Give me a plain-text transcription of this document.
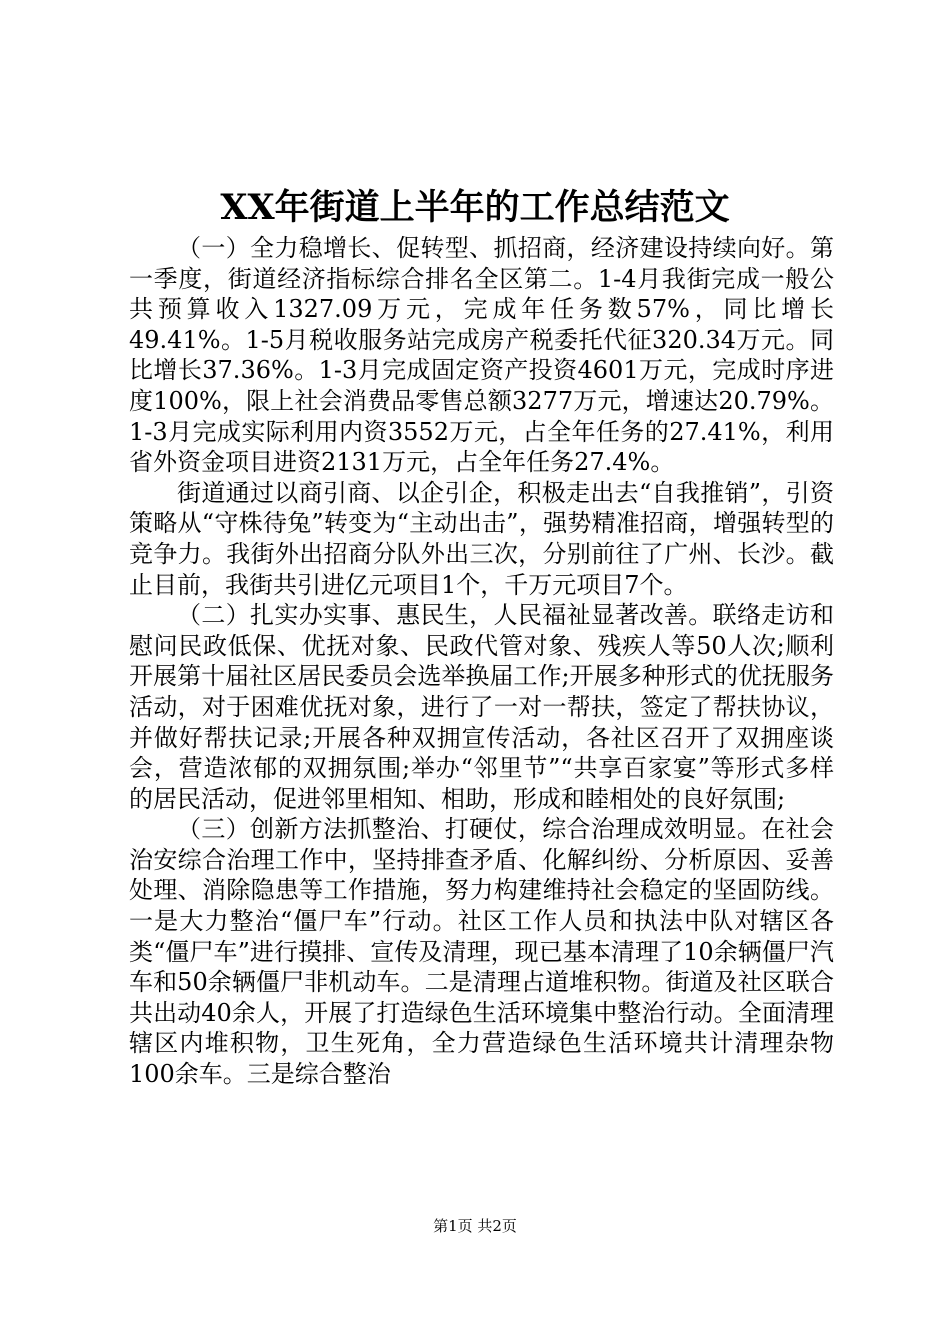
XX年街道上半年的工作总结范文

（一）全力稳增长、促转型、抓招商，经济建设持续向好。第一季度，街道经济指标综合排名全区第二。1-4月我街完成一般公共预算收入1327.09万元，完成年任务数57%，同比增长49.41%。1-5月税收服务站完成房产税委托代征320.34万元。同比增长37.36%。1-3月完成固定资产投资4601万元，完成时序进度100%，限上社会消费品零售总额3277万元，增速达20.79%。1-3月完成实际利用内资3552万元，占全年任务的27.41%，利用省外资金项目进资2131万元，占全年任务27.4%。

街道通过以商引商、以企引企，积极走出去“自我推销”，引资策略从“守株待兔”转变为“主动出击”，强势精准招商，增强转型的竞争力。我街外出招商分队外出三次，分别前往了广州、长沙。截止目前，我街共引进亿元项目1个，千万元项目7个。

（二）扎实办实事、惠民生，人民福祉显著改善。联络走访和慰问民政低保、优抚对象、民政代管对象、残疾人等50人次;顺利开展第十届社区居民委员会选举换届工作;开展多种形式的优抚服务活动，对于困难优抚对象，进行了一对一帮扶，签定了帮扶协议，并做好帮扶记录;开展各种双拥宣传活动，各社区召开了双拥座谈会，营造浓郁的双拥氛围;举办“邻里节”“共享百家宴”等形式多样的居民活动，促进邻里相知、相助，形成和睦相处的良好氛围;

（三）创新方法抓整治、打硬仗，综合治理成效明显。在社会治安综合治理工作中，坚持排查矛盾、化解纠纷、分析原因、妥善处理、消除隐患等工作措施，努力构建维持社会稳定的坚固防线。一是大力整治“僵尸车”行动。社区工作人员和执法中队对辖区各类“僵尸车”进行摸排、宣传及清理，现已基本清理了10余辆僵尸汽车和50余辆僵尸非机动车。二是清理占道堆积物。街道及社区联合共出动40余人，开展了打造绿色生活环境集中整治行动。全面清理辖区内堆积物，卫生死角，全力营造绿色生活环境共计清理杂物100余车。三是综合整治

第1页 共2页
